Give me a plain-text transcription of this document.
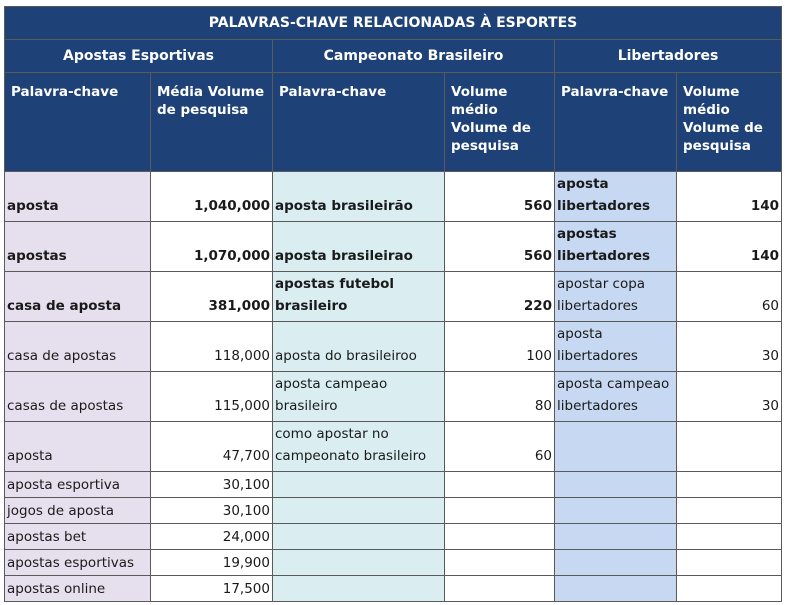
PALAVRAS-CHAVE RELACIONADAS À ESPORTES					
Apostas Esportivas		Campeonato Brasileiro		Libertadores	
Palavra-chave	Média Volume de pesquisa	Palavra-chave	Volume médio Volume de pesquisa	Palavra-chave	Volume médio Volume de pesquisa
aposta	1,040,000	aposta brasileirão	560	aposta libertadores	140
apostas	1,070,000	aposta brasileirao	560	apostas libertadores	140
casa de aposta	381,000	apostas futebol brasileiro	220	apostar copa libertadores	60
casa de apostas	118,000	aposta do brasileiroo	100	aposta libertadores	30
casas de apostas	115,000	aposta campeao brasileiro	80	aposta campeao libertadores	30
aposta	47,700	como apostar no campeonato brasileiro	60		
aposta esportiva	30,100				
jogos de aposta	30,100				
apostas bet	24,000				
apostas esportivas	19,900				
apostas online	17,500				
